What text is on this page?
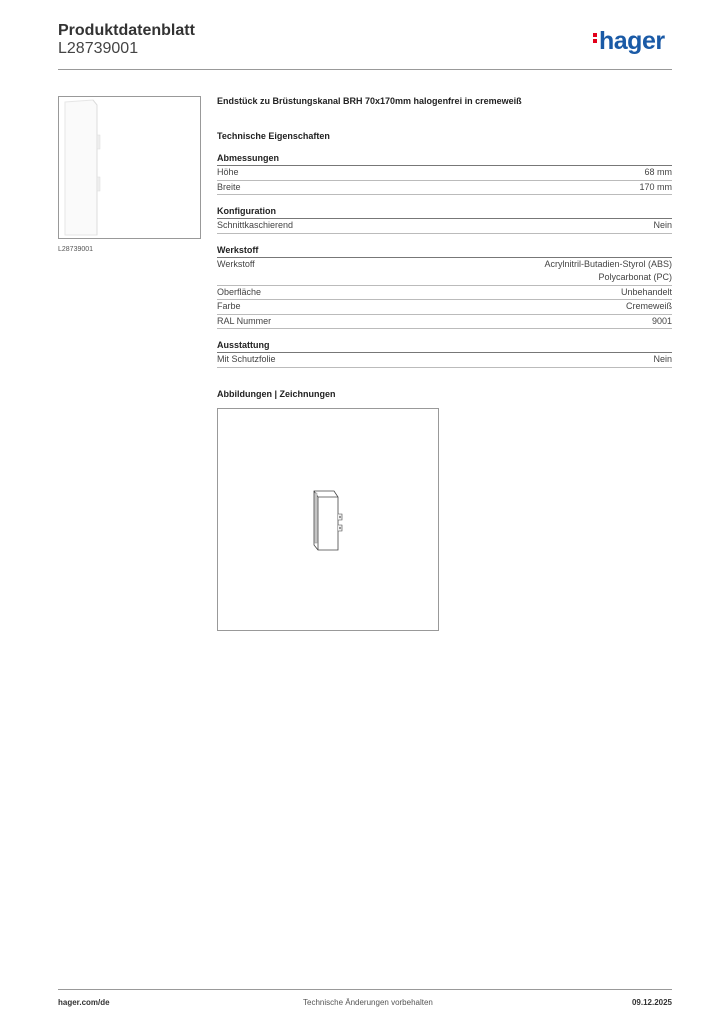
Produktdatenblatt
L28739001	hager
L28739001
Endstück zu Brüstungskanal BRH 70x170mm halogenfrei in cremeweiß
Technische Eigenschaften
Abmessungen
Höhe	68 mm
Breite	170 mm
Konfiguration
Schnittkaschierend	Nein
Werkstoff
Werkstoff	Acrylnitril-Butadien-Styrol (ABS)
Polycarbonat (PC)
Oberfläche	Unbehandelt
Farbe	Cremeweiß
RAL Nummer	9001
Ausstattung
Mit Schutzfolie	Nein
Abbildungen | Zeichnungen
hager.com/de	Technische Änderungen vorbehalten	09.12.2025
